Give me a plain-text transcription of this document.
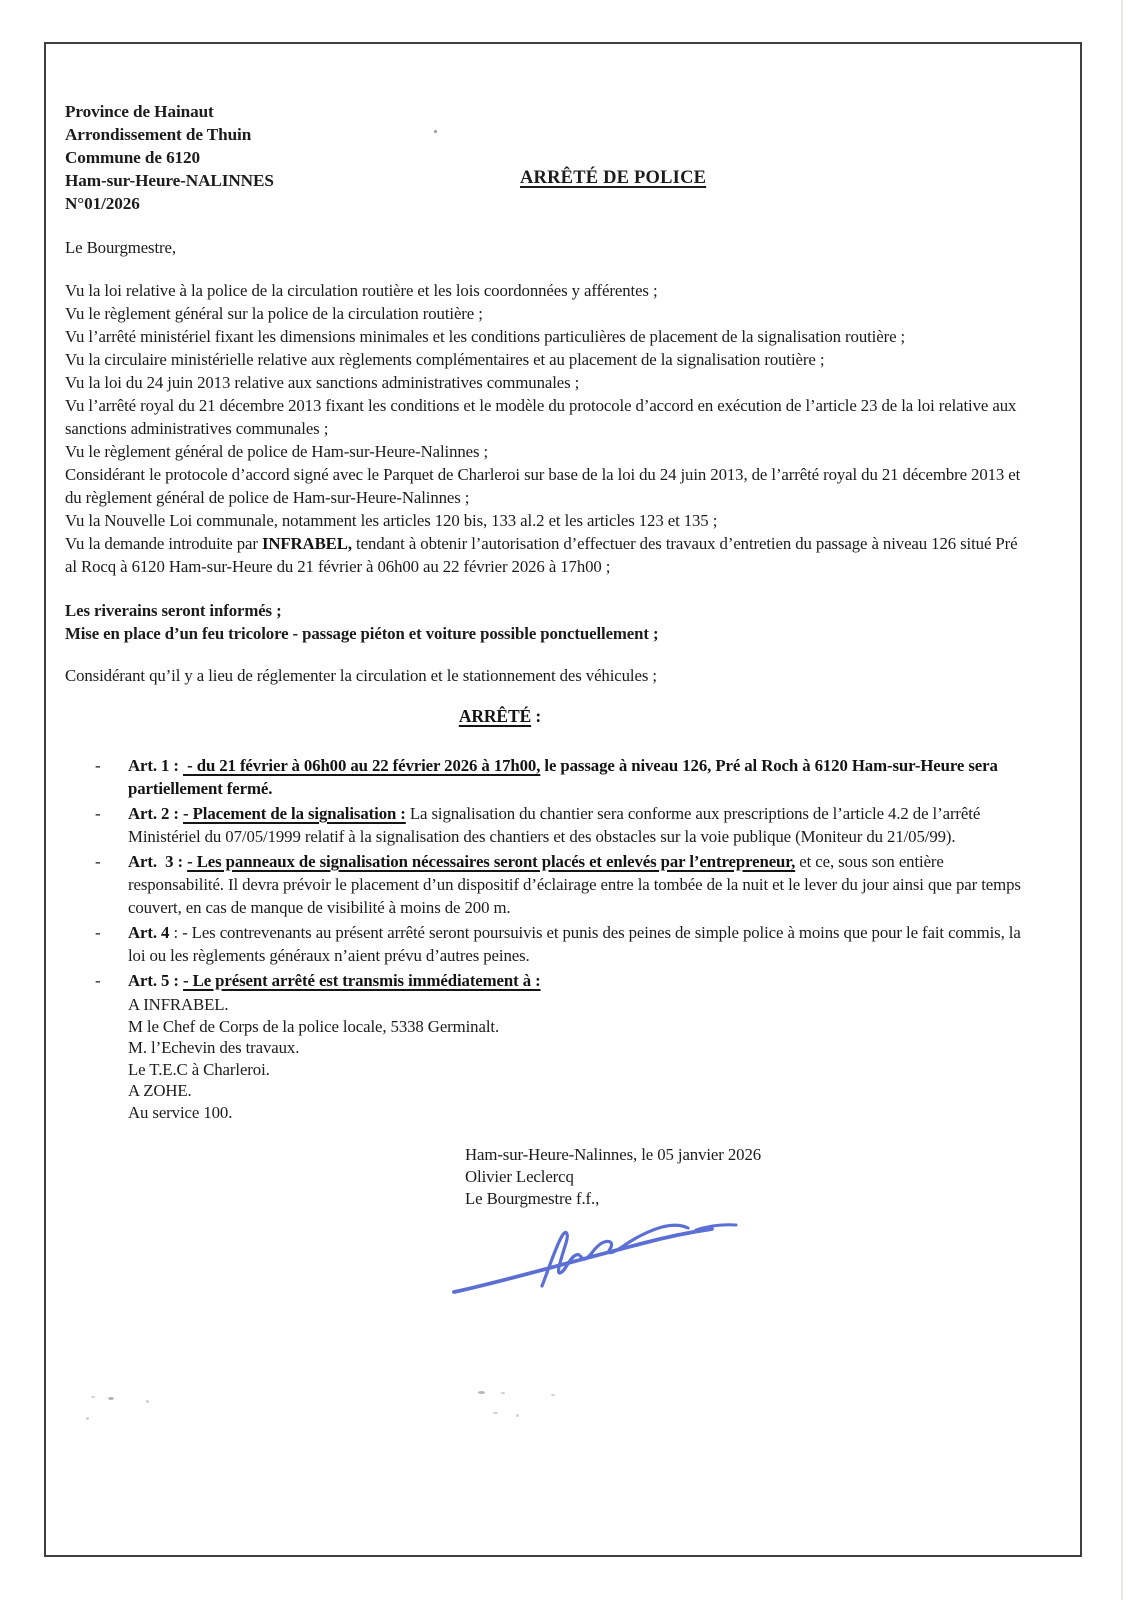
Province de Hainaut
Arrondissement de Thuin
Commune de 6120
Ham-sur-Heure-NALINNES
N°01/2026
ARRÊTÉ DE POLICE

Le Bourgmestre,

Vu la loi relative à la police de la circulation routière et les lois coordonnées y afférentes ;

Vu le règlement général sur la police de la circulation routière ;

Vu l’arrêté ministériel fixant les dimensions minimales et les conditions particulières de placement de la signalisation routière ;

Vu la circulaire ministérielle relative aux règlements complémentaires et au placement de la signalisation routière ;

Vu la loi du 24 juin 2013 relative aux sanctions administratives communales ;

Vu l’arrêté royal du 21 décembre 2013 fixant les conditions et le modèle du protocole d’accord en exécution de l’article 23 de la loi relative aux sanctions administratives communales ;

Vu le règlement général de police de Ham-sur-Heure-Nalinnes ;

Considérant le protocole d’accord signé avec le Parquet de Charleroi sur base de la loi du 24 juin 2013, de l’arrêté royal du 21 décembre 2013 et du règlement général de police de Ham-sur-Heure-Nalinnes ;

Vu la Nouvelle Loi communale, notamment les articles 120 bis, 133 al.2 et les articles 123 et 135 ;

Vu la demande introduite par INFRABEL, tendant à obtenir l’autorisation d’effectuer des travaux d’entretien du passage à niveau 126 situé Pré al Rocq à 6120 Ham-sur-Heure du 21 février à 06h00 au 22 février 2026 à 17h00 ;

Les riverains seront informés ;

Mise en place d’un feu tricolore - passage piéton et voiture possible ponctuellement ;

Considérant qu’il y a lieu de réglementer la circulation et le stationnement des véhicules ;

ARRÊTÉ :
- Art. 1 :  - du 21 février à 06h00 au 22 février 2026 à 17h00, le passage à niveau 126, Pré al Roch à 6120 Ham-sur-Heure sera partiellement fermé.
- Art. 2 : - Placement de la signalisation : La signalisation du chantier sera conforme aux prescriptions de l’article 4.2 de l’arrêté Ministériel du 07/05/1999 relatif à la signalisation des chantiers et des obstacles sur la voie publique (Moniteur du 21/05/99).
- Art.  3 : - Les panneaux de signalisation nécessaires seront placés et enlevés par l’entrepreneur, et ce, sous son entière responsabilité. Il devra prévoir le placement d’un dispositif d’éclairage entre la tombée de la nuit et le lever du jour ainsi que par temps couvert, en cas de manque de visibilité à moins de 200 m.
- Art. 4 : - Les contrevenants au présent arrêté seront poursuivis et punis des peines de simple police à moins que pour le fait commis, la loi ou les règlements généraux n’aient prévu d’autres peines.
- Art. 5 : - Le présent arrêté est transmis immédiatement à :

A INFRABEL.

M le Chef de Corps de la police locale, 5338 Germinalt.

M. l’Echevin des travaux.

Le T.E.C à Charleroi.

A ZOHE.

Au service 100.

Ham-sur-Heure-Nalinnes, le 05 janvier 2026

Olivier Leclercq

Le Bourgmestre f.f.,
